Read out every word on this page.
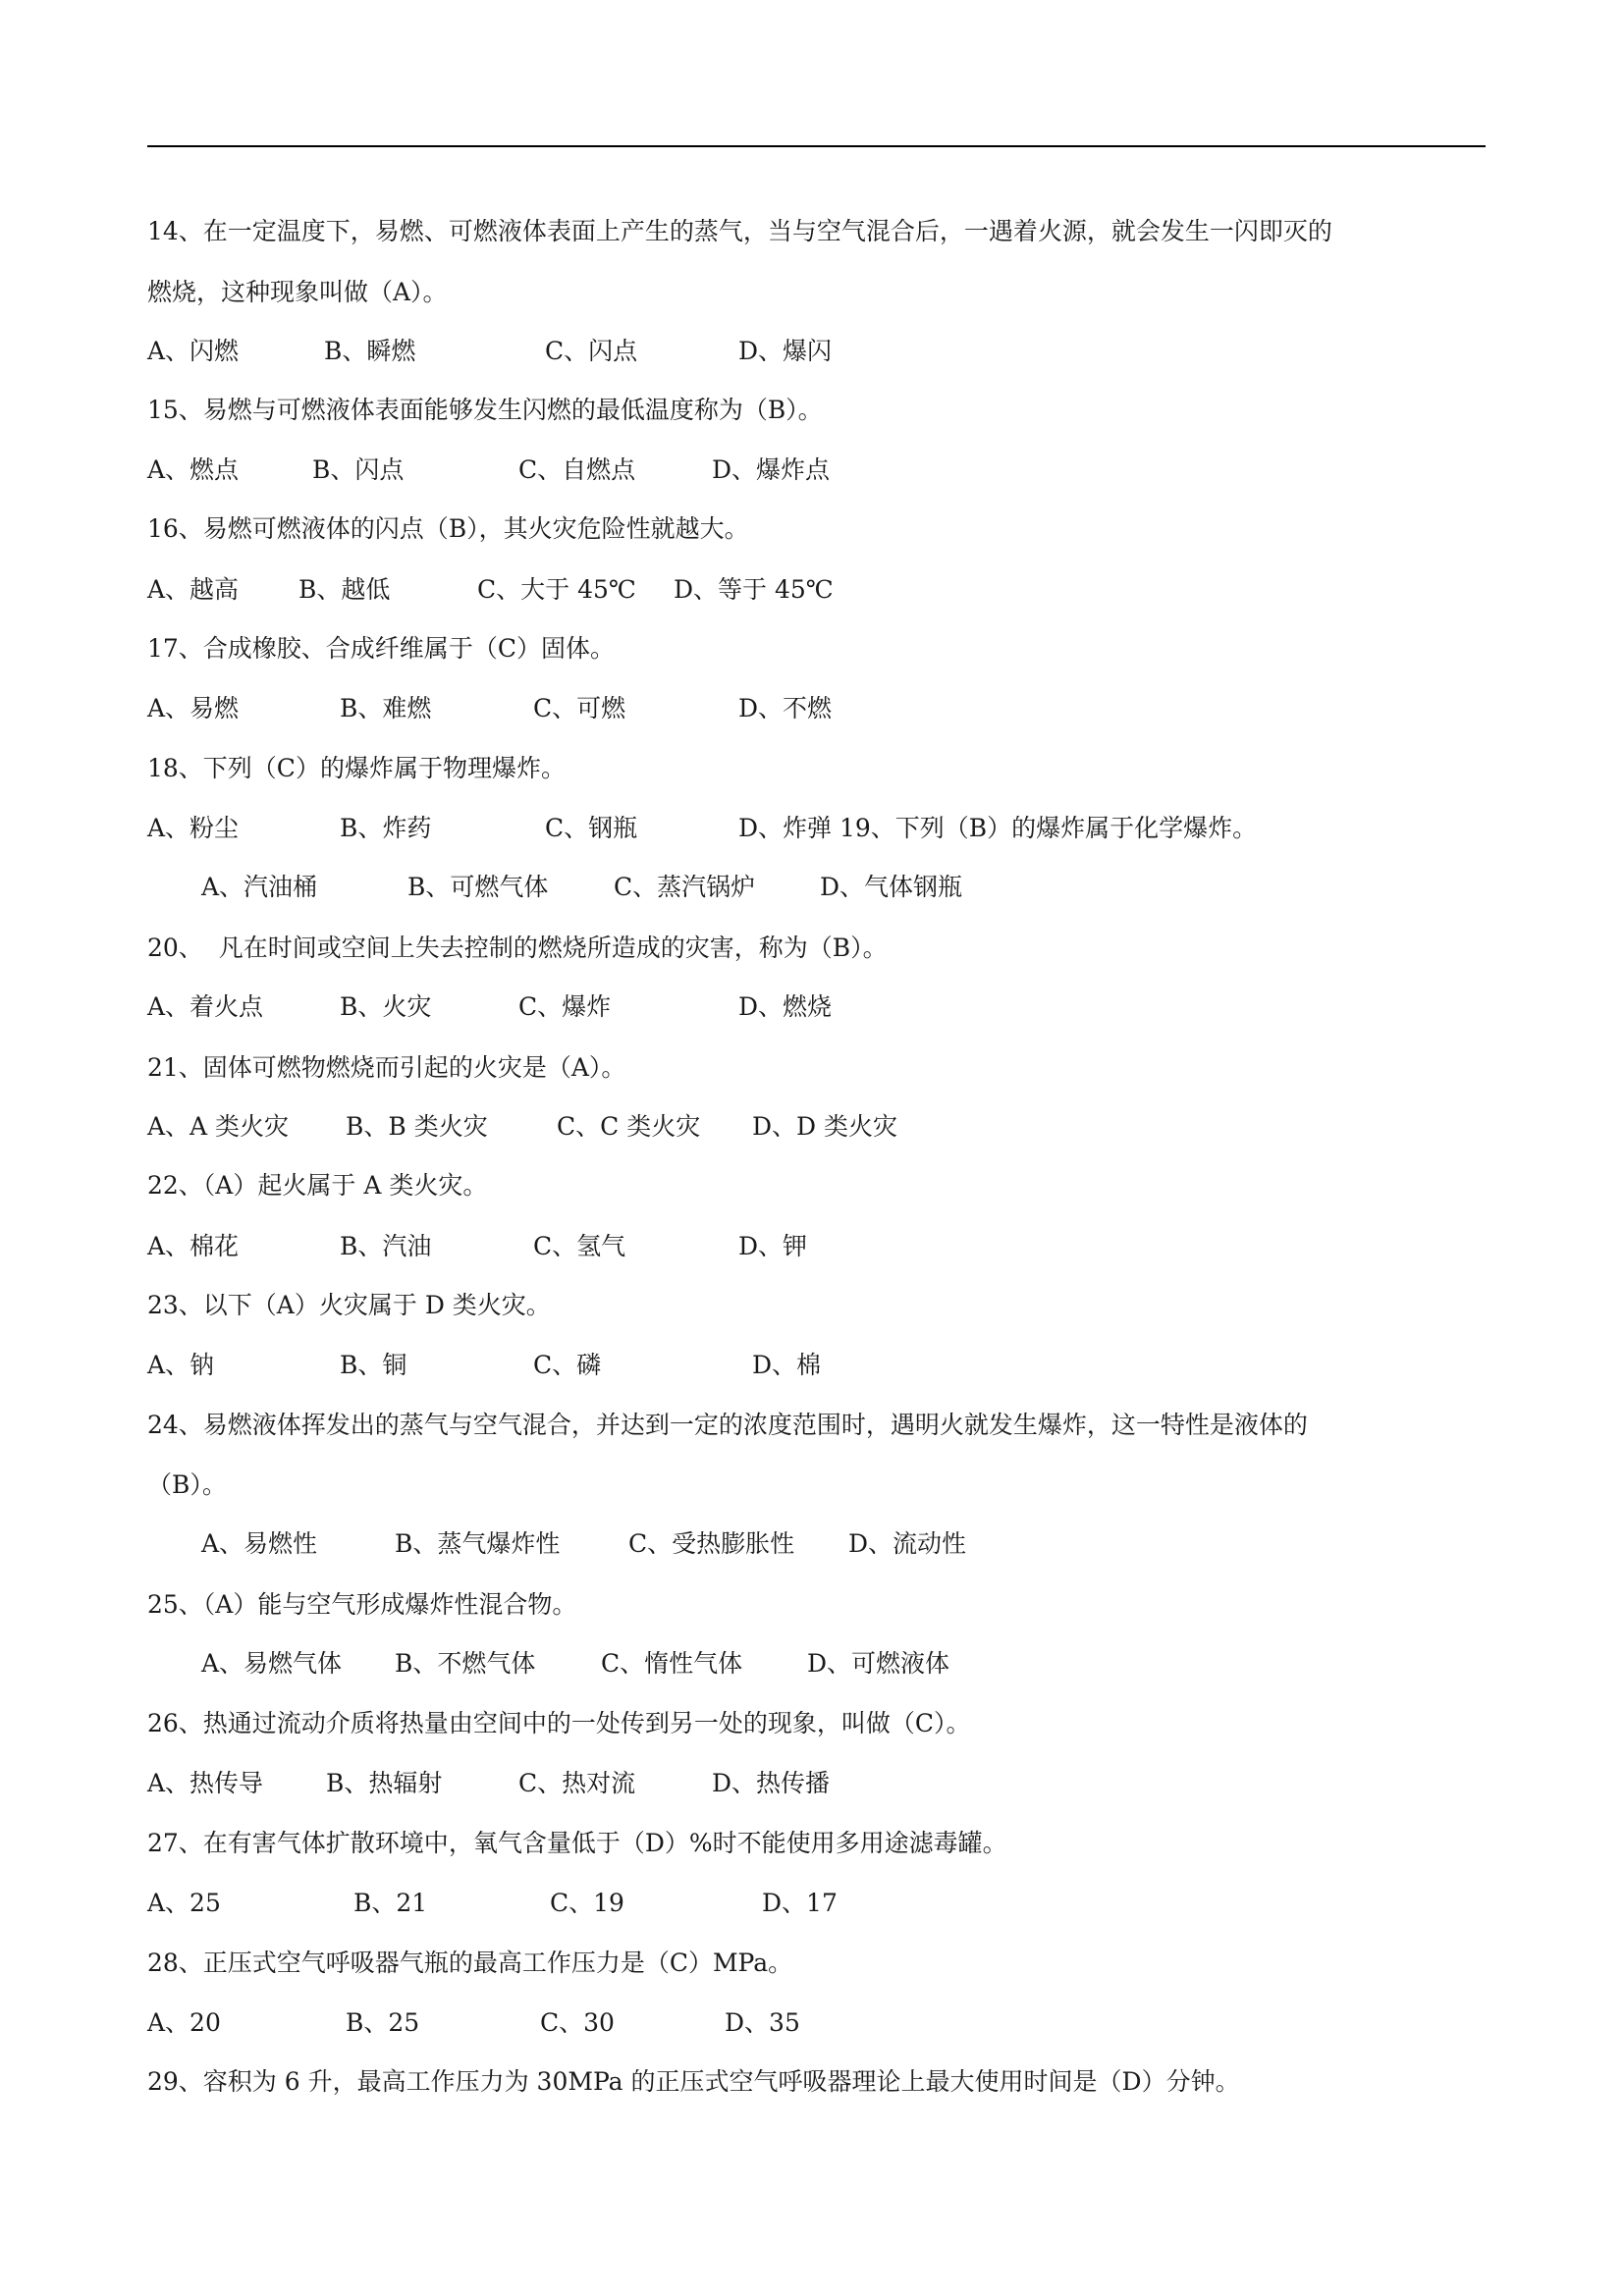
14、在一定温度下，易燃、可燃液体表面上产生的蒸气，当与空气混合后，一遇着火源，就会发生一闪即灭的
燃烧，这种现象叫做（A）。
A、闪燃	B、瞬燃	C、闪点	D、爆闪
15、易燃与可燃液体表面能够发生闪燃的最低温度称为（B）。
A、燃点	B、闪点	C、自燃点	D、爆炸点
16、易燃可燃液体的闪点（B），其火灾危险性就越大。
A、越高 B、越低	C、大于 45℃ D、等于 45℃
17、合成橡胶、合成纤维属于（C）固体。
A、易燃	B、难燃	C、可燃	D、不燃
18、下列（C）的爆炸属于物理爆炸。
A、粉尘	B、炸药	C、钢瓶	D、炸弹 19、下列（B）的爆炸属于化学爆炸。
A、汽油桶	B、可燃气体	C、蒸汽锅炉	D、气体钢瓶
20、  凡在时间或空间上失去控制的燃烧所造成的灾害，称为（B）。
A、着火点	B、火灾	C、爆炸	D、燃烧
21、固体可燃物燃烧而引起的火灾是（A）。
A、A 类火灾 B、B 类火灾	C、C 类火灾 D、D 类火灾
22、（A）起火属于 A 类火灾。
A、棉花	B、汽油	C、氢气	D、钾
23、以下（A）火灾属于 D 类火灾。
A、钠	B、铜	C、磷	D、棉
24、易燃液体挥发出的蒸气与空气混合，并达到一定的浓度范围时，遇明火就发生爆炸，这一特性是液体的
（B）。
A、易燃性	B、蒸气爆炸性	C、受热膨胀性 D、流动性
25、（A）能与空气形成爆炸性混合物。
A、易燃气体 B、不燃气体	C、惰性气体	D、可燃液体
26、热通过流动介质将热量由空间中的一处传到另一处的现象，叫做（C）。
A、热传导	B、热辐射	C、热对流	D、热传播
27、在有害气体扩散环境中，氧气含量低于（D）%时不能使用多用途滤毒罐。
A、25	B、21	C、19	D、17
28、正压式空气呼吸器气瓶的最高工作压力是（C）MPa。
A、20	B、25	C、30	D、35
29、容积为 6 升，最高工作压力为 30MPa 的正压式空气呼吸器理论上最大使用时间是（D）分钟。
